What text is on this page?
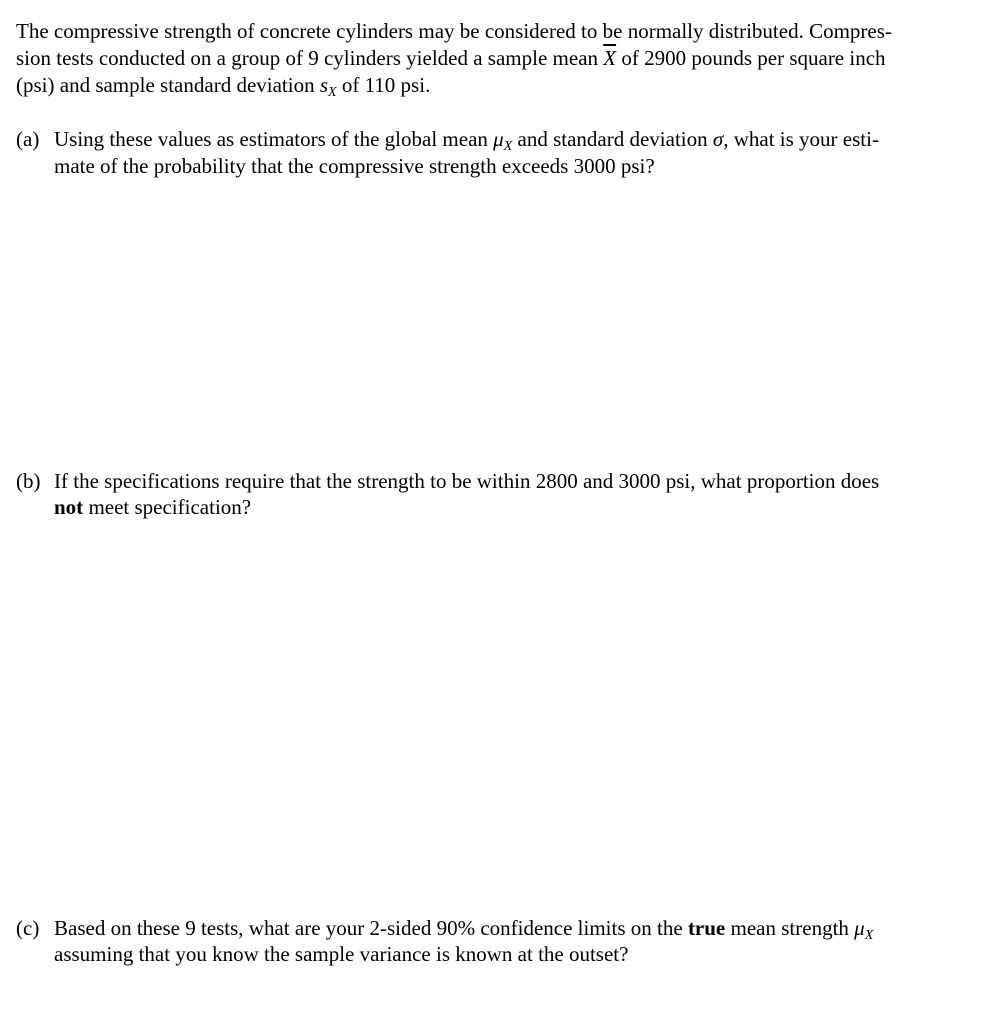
The compressive strength of concrete cylinders may be considered to be normally distributed. Compres-
sion tests conducted on a group of 9 cylinders yielded a sample mean $\overline{X}$ of 2900 pounds per square inch
(psi) and sample standard deviation $s_X$ of 110 psi.
(a) Using these values as estimators of the global mean $\mu_X$ and standard deviation σ, what is your esti-
mate of the probability that the compressive strength exceeds 3000 psi?
(b) If the specifications require that the strength to be within 2800 and 3000 psi, what proportion does
not meet specification?
(c) Based on these 9 tests, what are your 2-sided 90% confidence limits on the true mean strength $\mu_X$
assuming that you know the sample variance is known at the outset?
